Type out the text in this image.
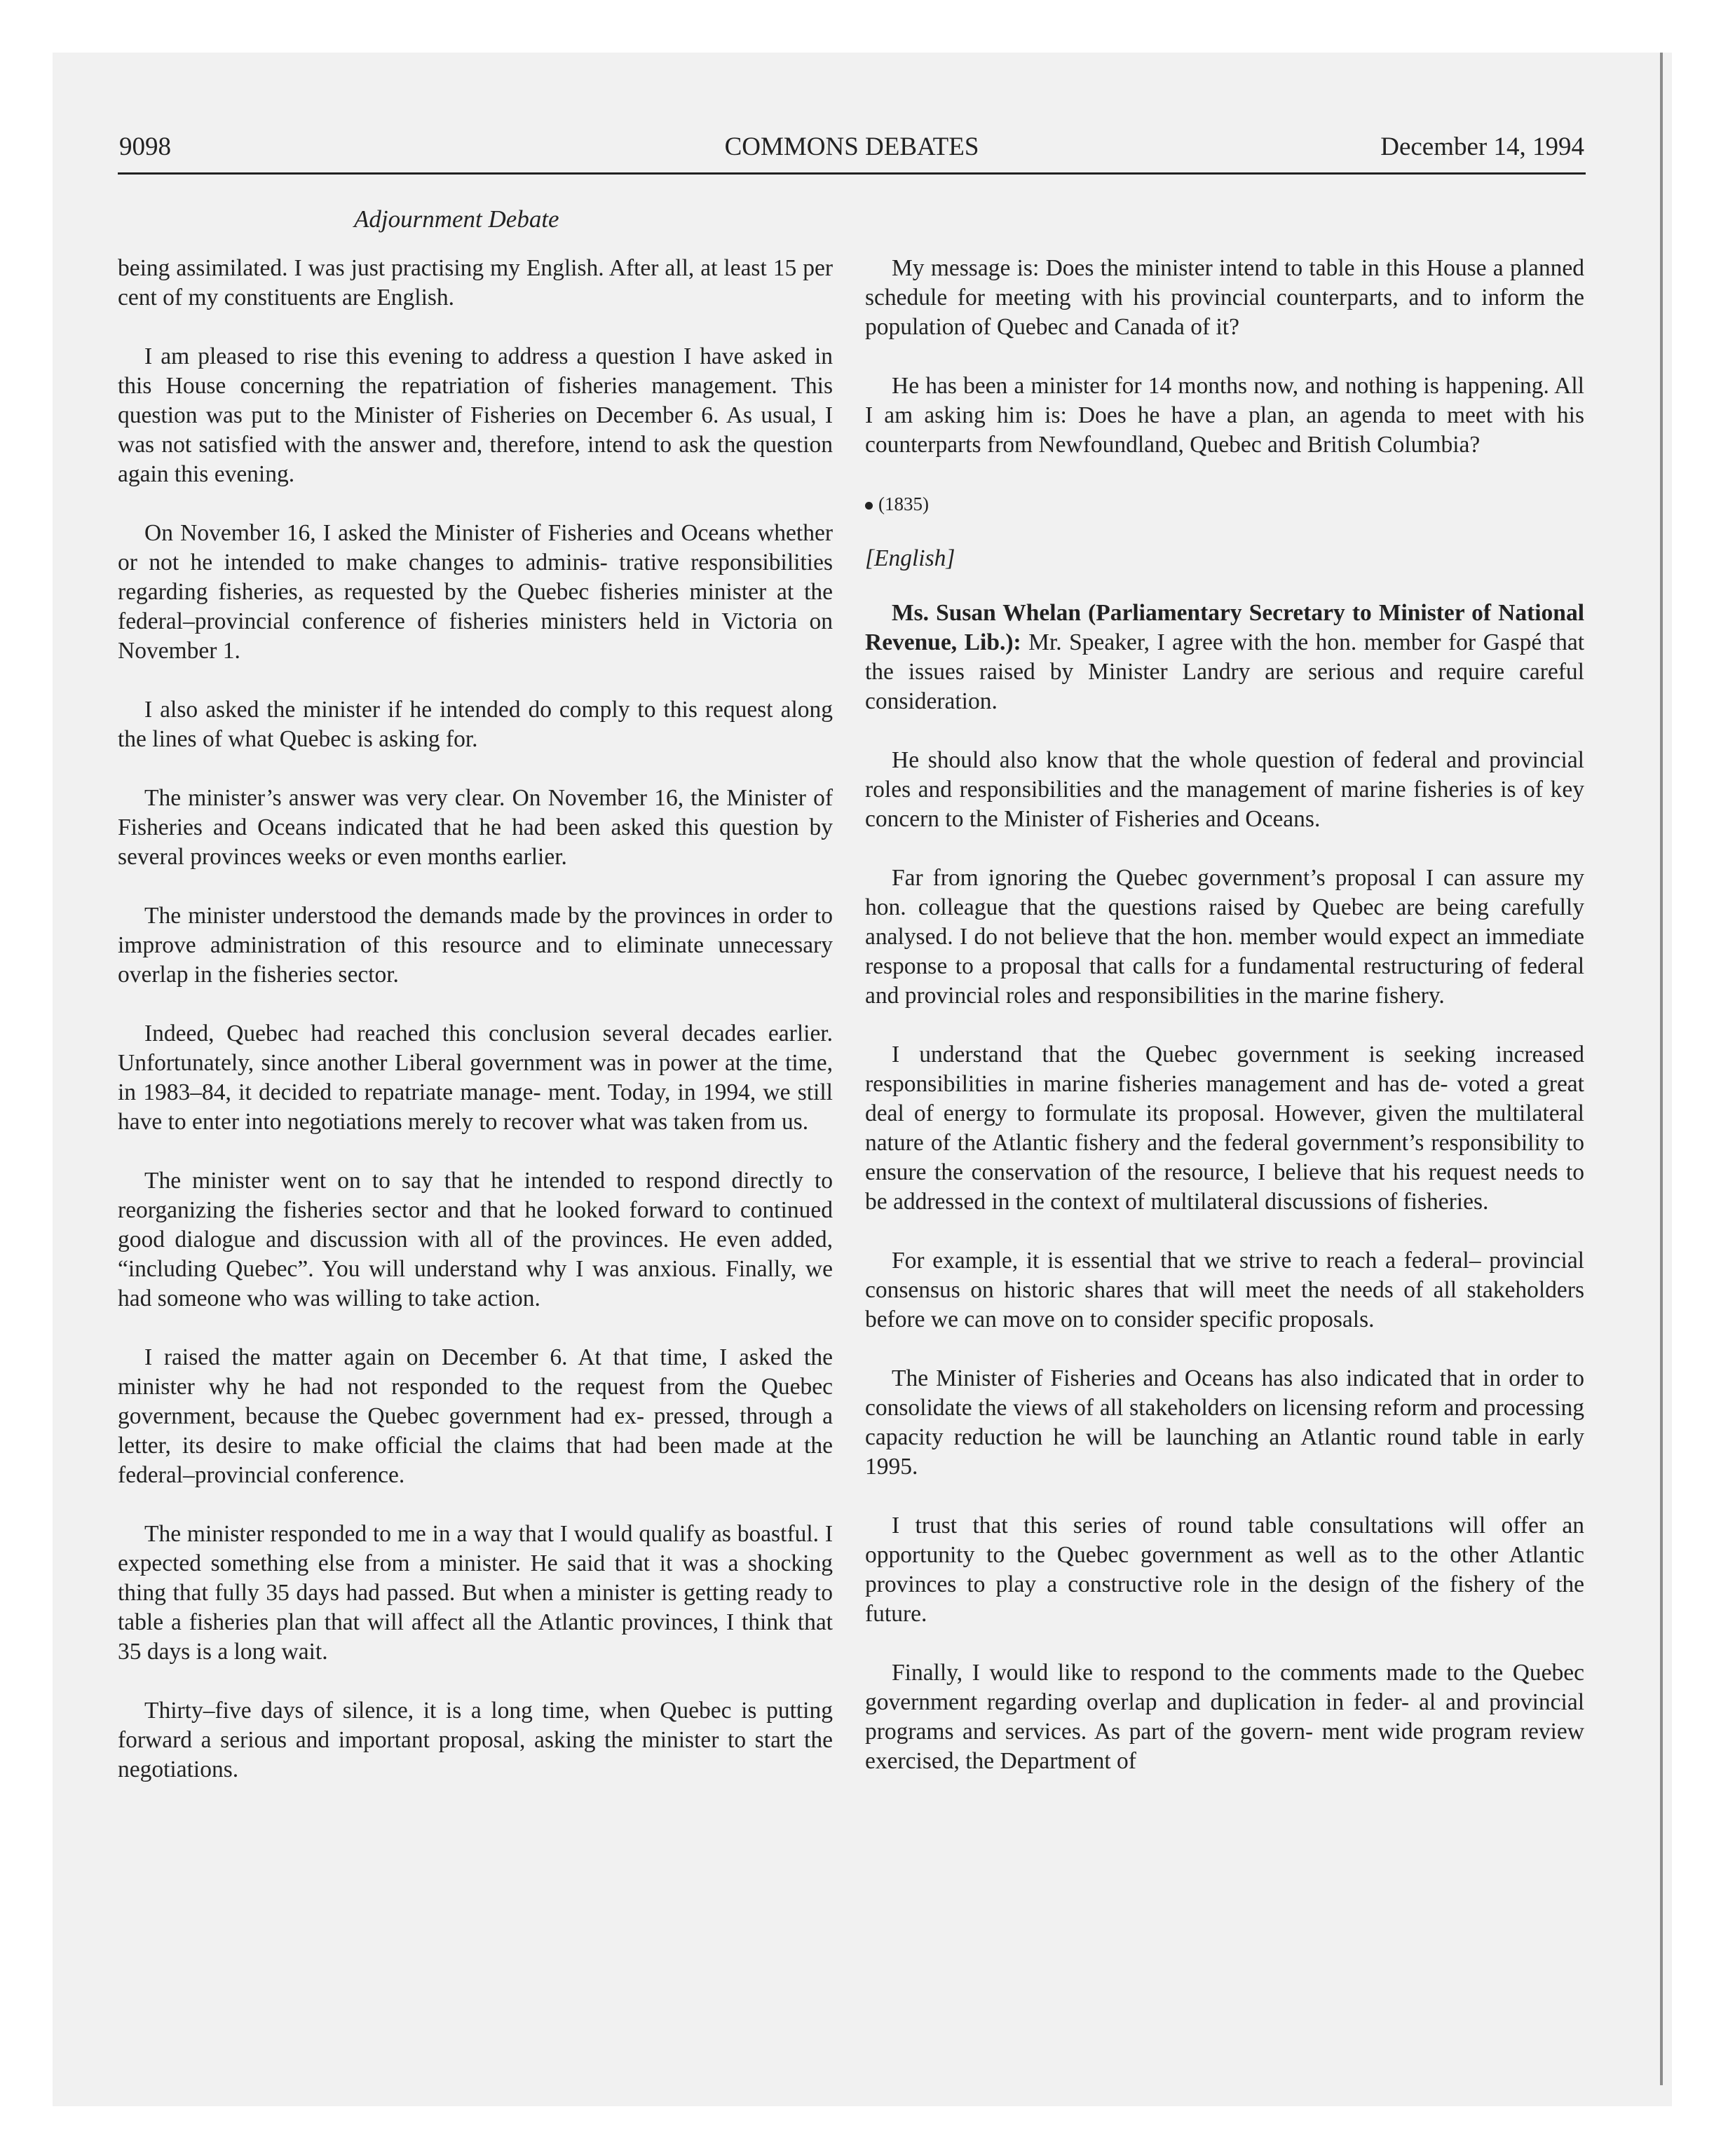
9098	COMMONS DEBATES	December 14, 1994
Adjournment Debate

being assimilated. I was just practising my English. After all, at least 15 per cent of my constituents are English.

I am pleased to rise this evening to address a question I have asked in this House concerning the repatriation of fisheries management. This question was put to the Minister of Fisheries on December 6. As usual, I was not satisfied with the answer and, therefore, intend to ask the question again this evening.

On November 16, I asked the Minister of Fisheries and Oceans whether or not he intended to make changes to adminis- trative responsibilities regarding fisheries, as requested by the Quebec fisheries minister at the federal–provincial conference of fisheries ministers held in Victoria on November 1.

I also asked the minister if he intended do comply to this request along the lines of what Quebec is asking for.

The minister’s answer was very clear. On November 16, the Minister of Fisheries and Oceans indicated that he had been asked this question by several provinces weeks or even months earlier.

The minister understood the demands made by the provinces in order to improve administration of this resource and to eliminate unnecessary overlap in the fisheries sector.

Indeed, Quebec had reached this conclusion several decades earlier. Unfortunately, since another Liberal government was in power at the time, in 1983–84, it decided to repatriate manage- ment. Today, in 1994, we still have to enter into negotiations merely to recover what was taken from us.

The minister went on to say that he intended to respond directly to reorganizing the fisheries sector and that he looked forward to continued good dialogue and discussion with all of the provinces. He even added, “including Quebec”. You will understand why I was anxious. Finally, we had someone who was willing to take action.

I raised the matter again on December 6. At that time, I asked the minister why he had not responded to the request from the Quebec government, because the Quebec government had ex- pressed, through a letter, its desire to make official the claims that had been made at the federal–provincial conference.

The minister responded to me in a way that I would qualify as boastful. I expected something else from a minister. He said that it was a shocking thing that fully 35 days had passed. But when a minister is getting ready to table a fisheries plan that will affect all the Atlantic provinces, I think that 35 days is a long wait.

Thirty–five days of silence, it is a long time, when Quebec is putting forward a serious and important proposal, asking the minister to start the negotiations.

My message is: Does the minister intend to table in this House a planned schedule for meeting with his provincial counterparts, and to inform the population of Quebec and Canada of it?

He has been a minister for 14 months now, and nothing is happening. All I am asking him is: Does he have a plan, an agenda to meet with his counterparts from Newfoundland, Quebec and British Columbia?

(1835)

[English]

Ms. Susan Whelan (Parliamentary Secretary to Minister of National Revenue, Lib.): Mr. Speaker, I agree with the hon. member for Gaspé that the issues raised by Minister Landry are serious and require careful consideration.

He should also know that the whole question of federal and provincial roles and responsibilities and the management of marine fisheries is of key concern to the Minister of Fisheries and Oceans.

Far from ignoring the Quebec government’s proposal I can assure my hon. colleague that the questions raised by Quebec are being carefully analysed. I do not believe that the hon. member would expect an immediate response to a proposal that calls for a fundamental restructuring of federal and provincial roles and responsibilities in the marine fishery.

I understand that the Quebec government is seeking increased responsibilities in marine fisheries management and has de- voted a great deal of energy to formulate its proposal. However, given the multilateral nature of the Atlantic fishery and the federal government’s responsibility to ensure the conservation of the resource, I believe that his request needs to be addressed in the context of multilateral discussions of fisheries.

For example, it is essential that we strive to reach a federal– provincial consensus on historic shares that will meet the needs of all stakeholders before we can move on to consider specific proposals.

The Minister of Fisheries and Oceans has also indicated that in order to consolidate the views of all stakeholders on licensing reform and processing capacity reduction he will be launching an Atlantic round table in early 1995.

I trust that this series of round table consultations will offer an opportunity to the Quebec government as well as to the other Atlantic provinces to play a constructive role in the design of the fishery of the future.

Finally, I would like to respond to the comments made to the Quebec government regarding overlap and duplication in feder- al and provincial programs and services. As part of the govern- ment wide program review exercised, the Department of
